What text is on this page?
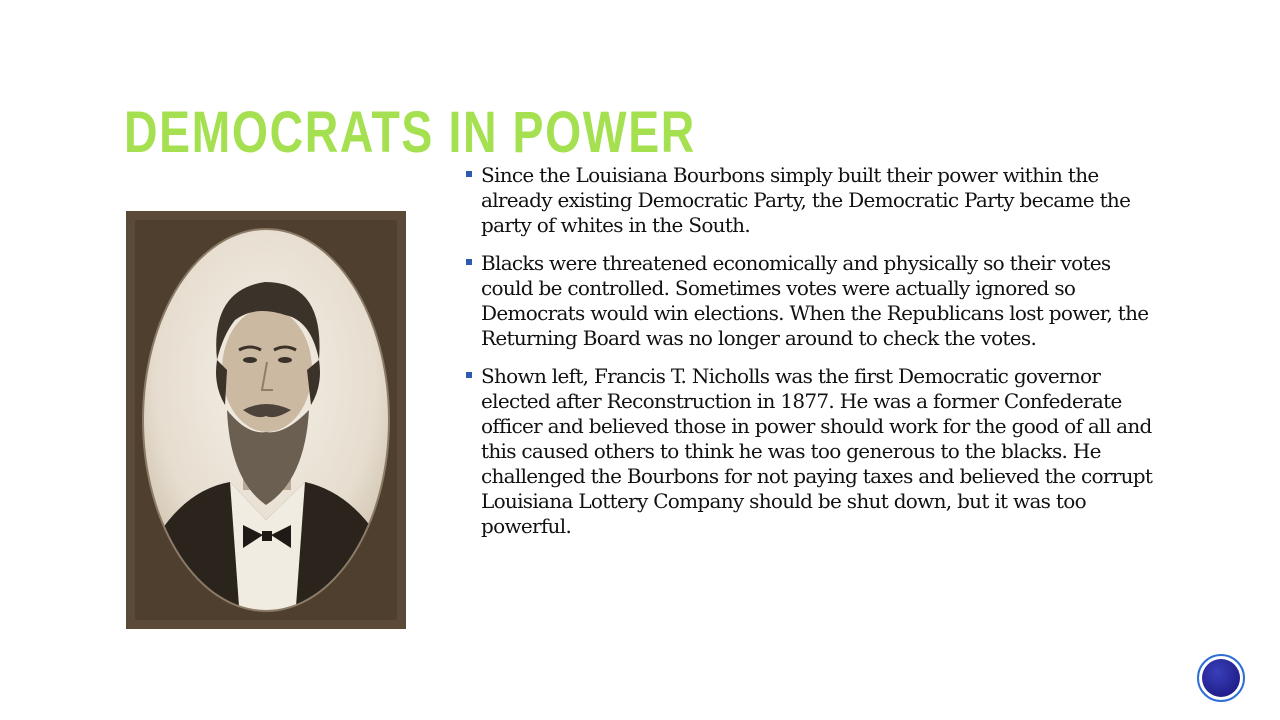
DEMOCRATS IN POWER
Since the Louisiana Bourbons simply built their power within the already existing Democratic Party, the Democratic Party became the party of whites in the South.
Blacks were threatened economically and physically so their votes could be controlled. Sometimes votes were actually ignored so Democrats would win elections. When the Republicans lost power, the Returning Board was no longer around to check the votes.
Shown left, Francis T. Nicholls was the first Democratic governor elected after Reconstruction in 1877. He was a former Confederate officer and believed those in power should work for the good of all and this caused others to think he was too generous to the blacks. He challenged the Bourbons for not paying taxes and believed the corrupt Louisiana Lottery Company should be shut down, but it was too powerful.
